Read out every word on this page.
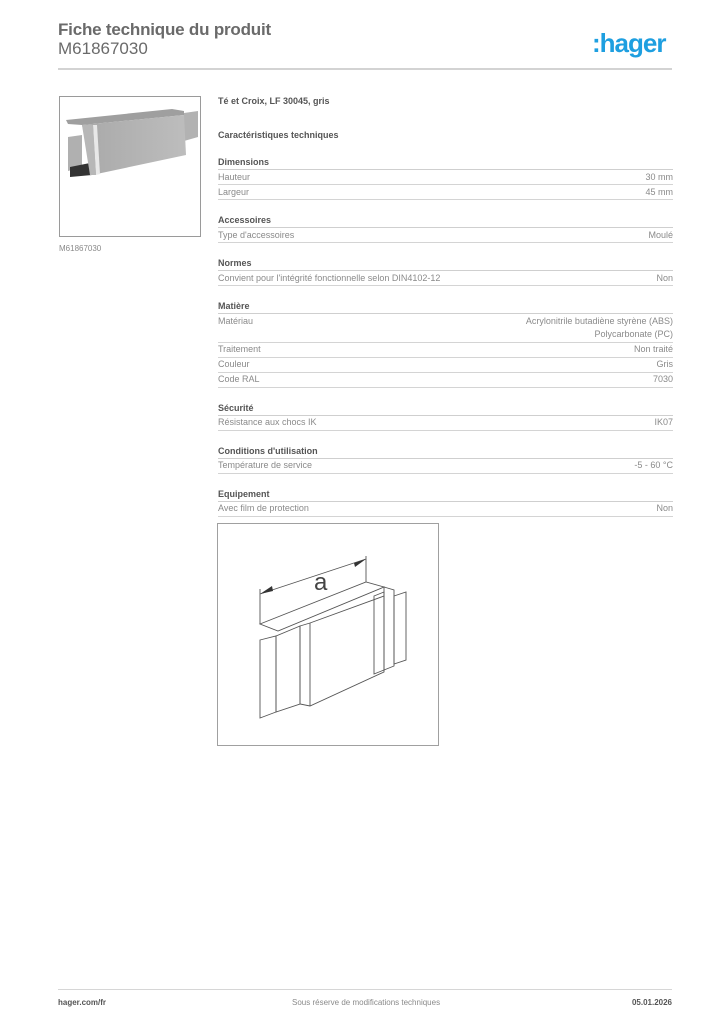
Fiche technique du produit
M61867030	:hager
M61867030
Té et Croix, LF 30045, gris
Caractéristiques techniques
Dimensions
Hauteur	30 mm
Largeur	45 mm
Accessoires
Type d'accessoires	Moulé
Normes
Convient pour l'intégrité fonctionnelle selon DIN4102-12	Non
Matière
Matériau	Acrylonitrile butadiène styrène (ABS)
Polycarbonate (PC)
Traitement	Non traité
Couleur	Gris
Code RAL	7030
Sécurité
Résistance aux chocs IK	IK07
Conditions d'utilisation
Température de service	-5 - 60 °C
Equipement
Avec film de protection	Non
a
hager.com/fr	Sous réserve de modifications techniques	05.01.2026
